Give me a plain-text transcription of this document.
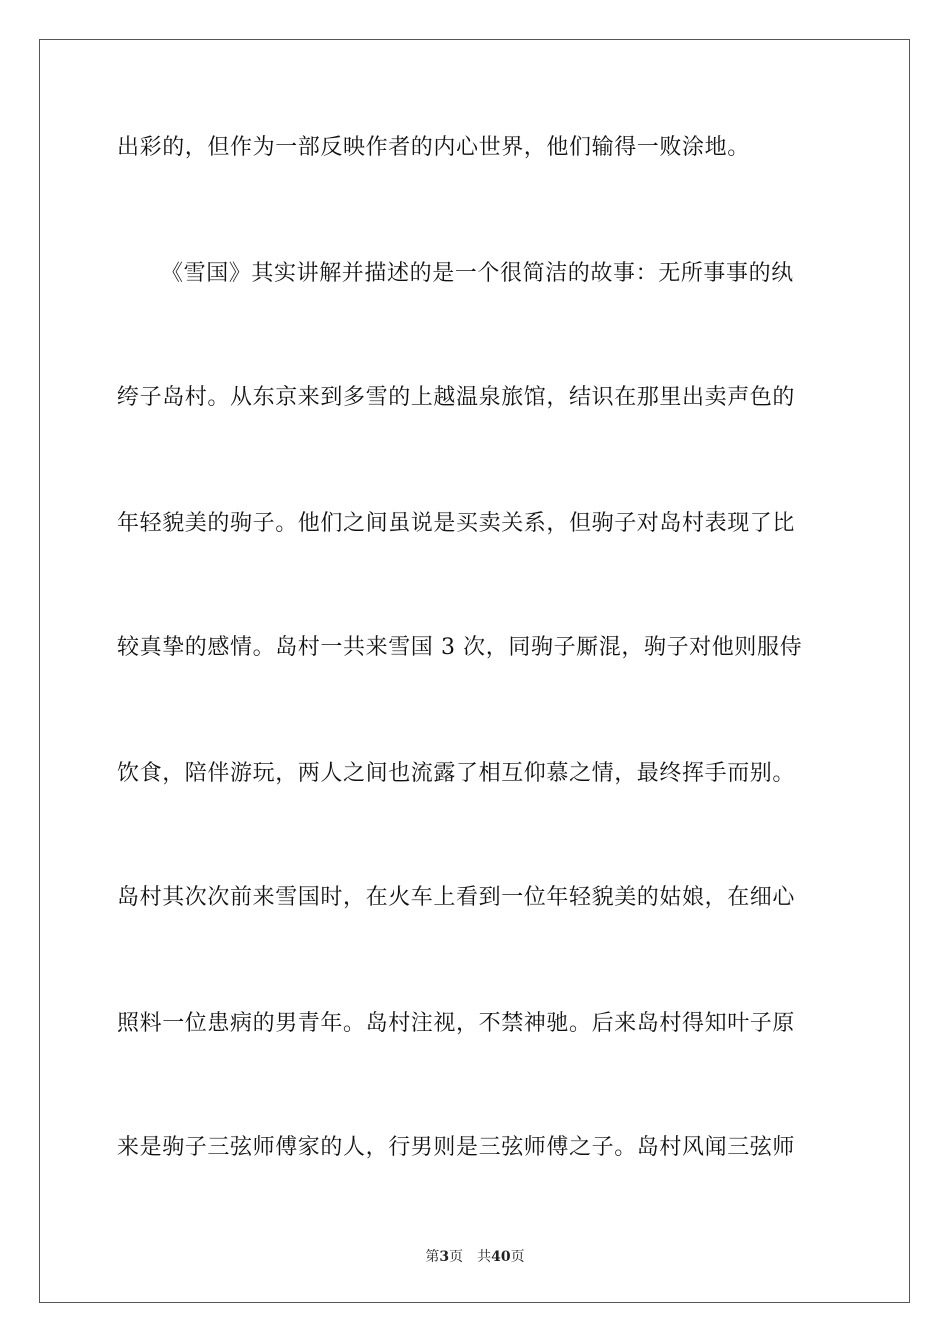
出彩的，但作为一部反映作者的内心世界，他们输得一败涂地。
《雪国》其实讲解并描述的是一个很简洁的故事：无所事事的纨
绔子岛村。从东京来到多雪的上越温泉旅馆，结识在那里出卖声色的
年轻貌美的驹子。他们之间虽说是买卖关系，但驹子对岛村表现了比
较真挚的感情。岛村一共来雪国 3 次，同驹子厮混，驹子对他则服侍
饮食，陪伴游玩，两人之间也流露了相互仰慕之情，最终挥手而别。
岛村其次次前来雪国时，在火车上看到一位年轻貌美的姑娘，在细心
照料一位患病的男青年。岛村注视，不禁神驰。后来岛村得知叶子原
来是驹子三弦师傅家的人，行男则是三弦师傅之子。岛村风闻三弦师
第3页 共40页
